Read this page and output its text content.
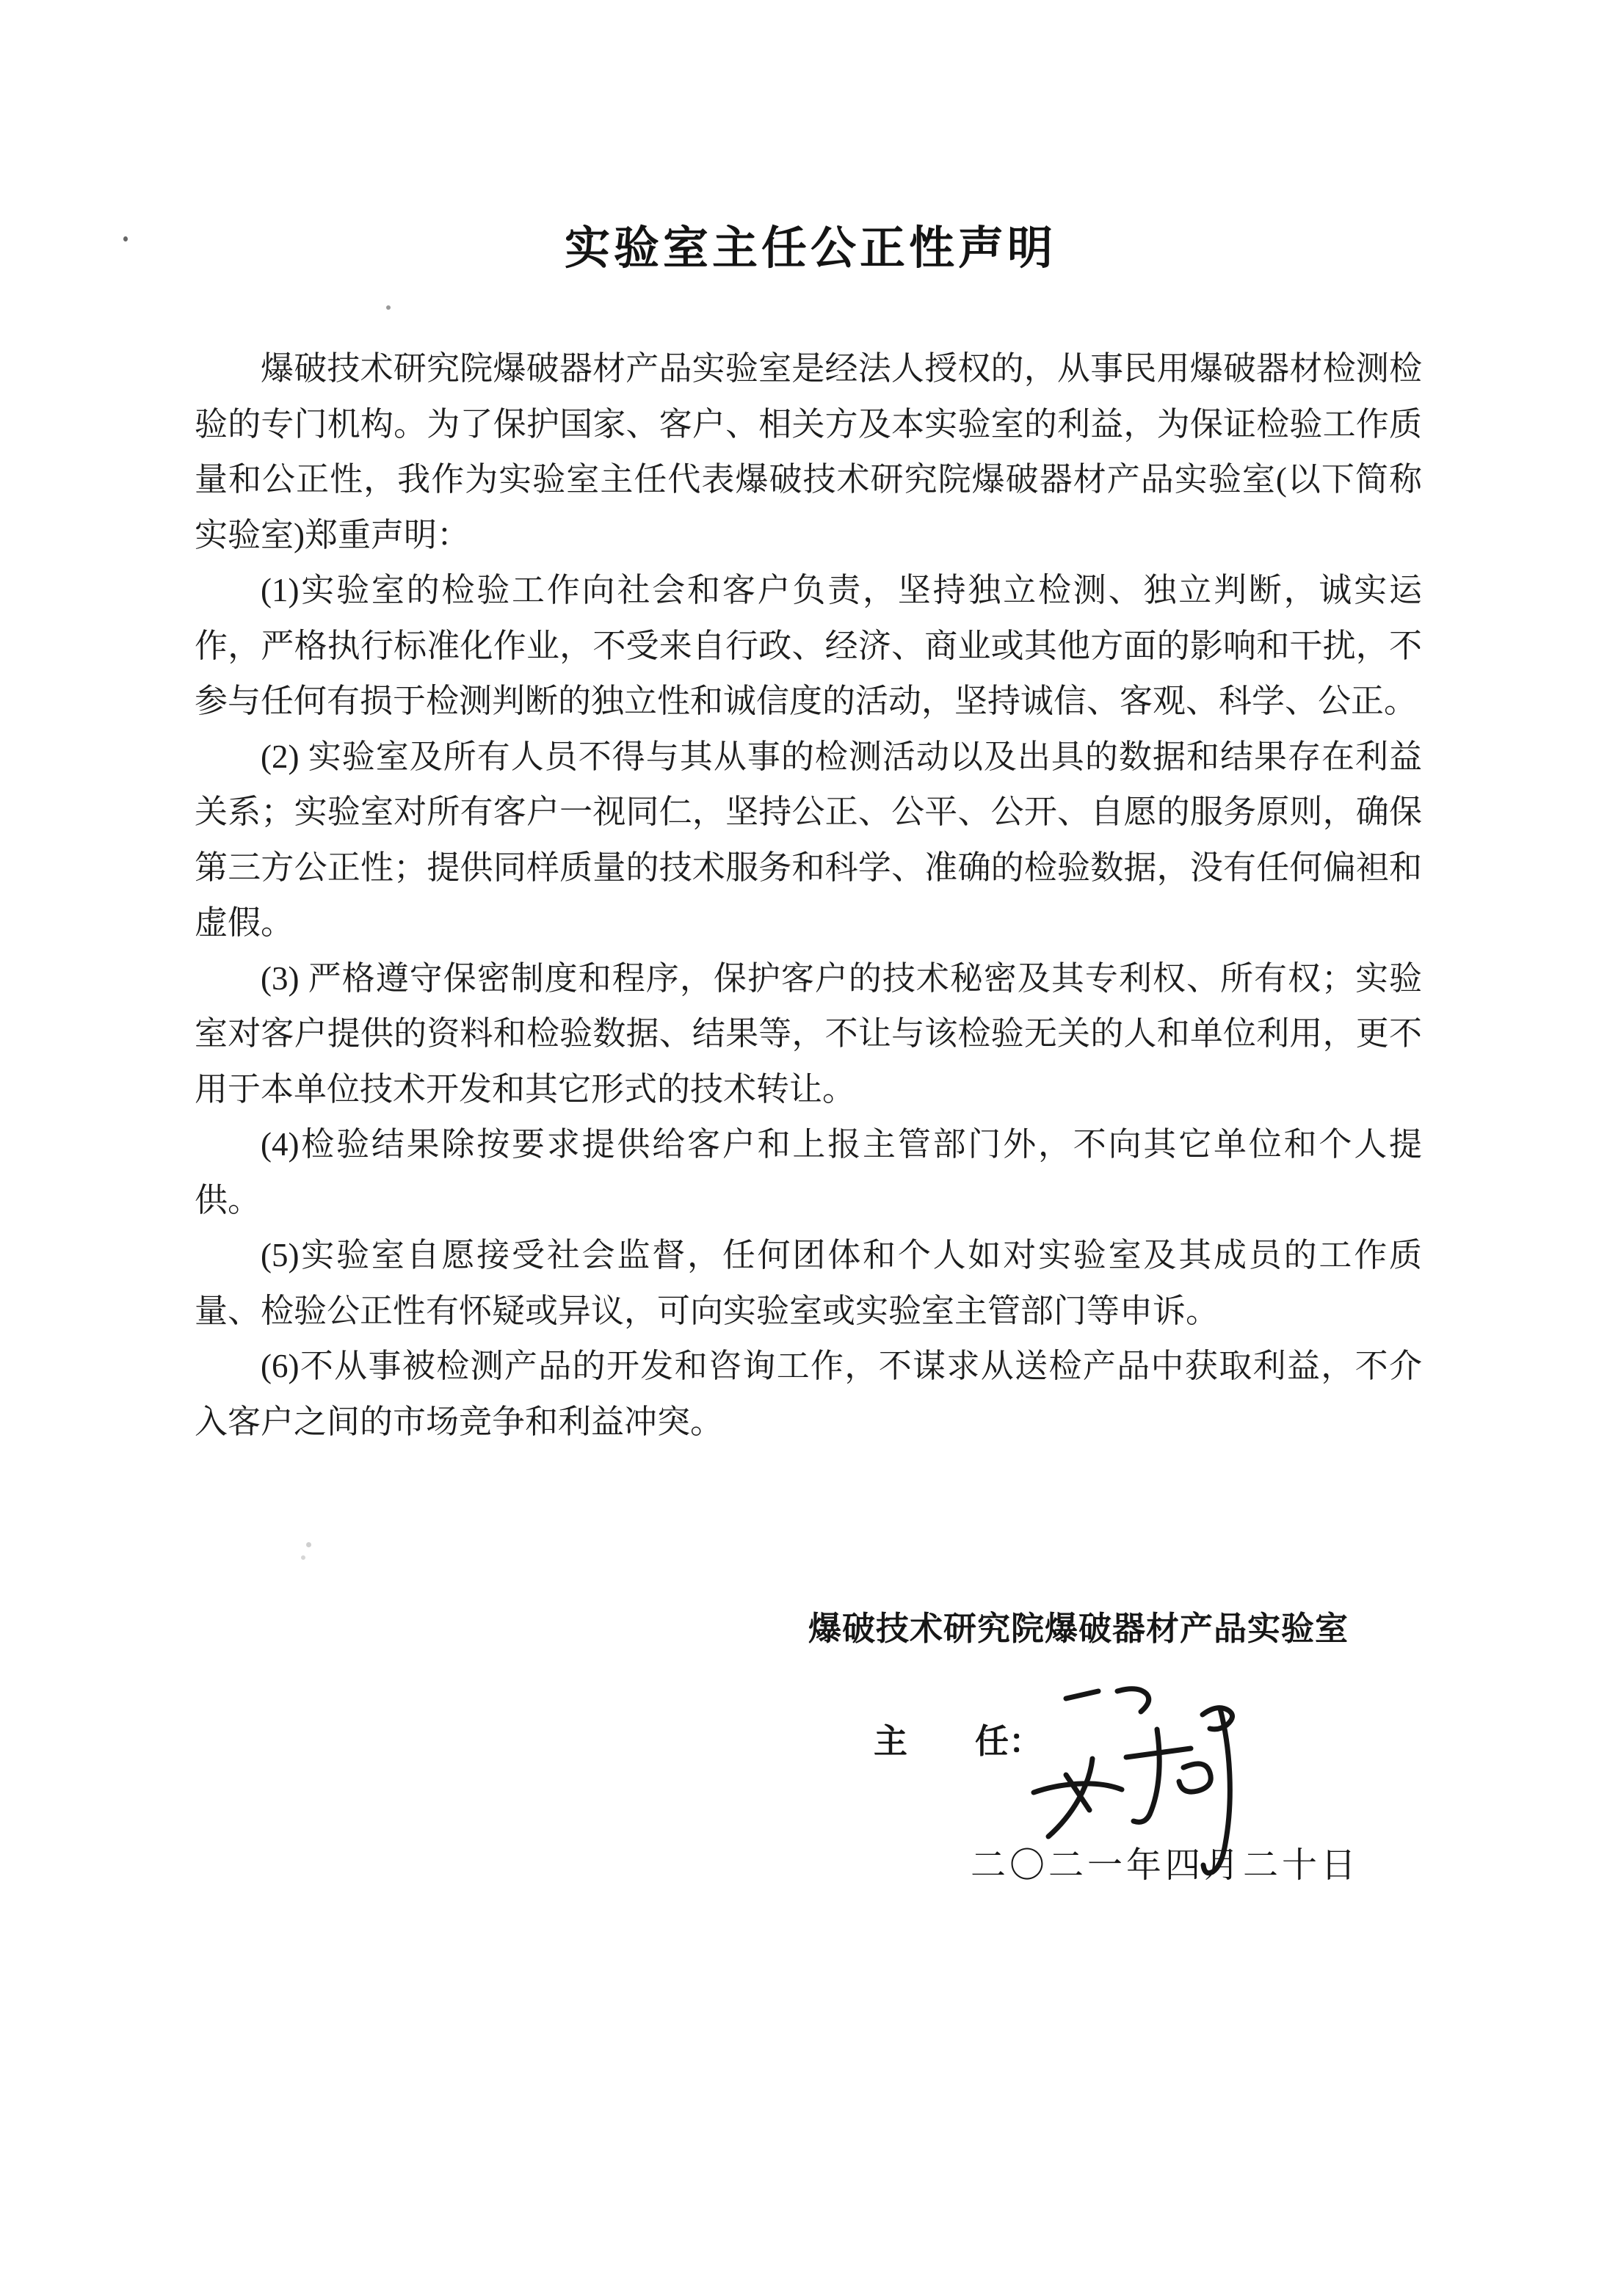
实验室主任公正性声明

爆破技术研究院爆破器材产品实验室是经法人授权的，从事民用爆破器材检测检验的专门机构。为了保护国家、客户、相关方及本实验室的利益，为保证检验工作质量和公正性，我作为实验室主任代表爆破技术研究院爆破器材产品实验室(以下简称实验室)郑重声明：

(1)实验室的检验工作向社会和客户负责，坚持独立检测、独立判断，诚实运作，严格执行标准化作业，不受来自行政、经济、商业或其他方面的影响和干扰，不参与任何有损于检测判断的独立性和诚信度的活动，坚持诚信、客观、科学、公正。

(2) 实验室及所有人员不得与其从事的检测活动以及出具的数据和结果存在利益关系；实验室对所有客户一视同仁，坚持公正、公平、公开、自愿的服务原则，确保第三方公正性；提供同样质量的技术服务和科学、准确的检验数据，没有任何偏袒和虚假。

(3) 严格遵守保密制度和程序，保护客户的技术秘密及其专利权、所有权；实验室对客户提供的资料和检验数据、结果等，不让与该检验无关的人和单位利用，更不用于本单位技术开发和其它形式的技术转让。

(4)检验结果除按要求提供给客户和上报主管部门外，不向其它单位和个人提供。

(5)实验室自愿接受社会监督，任何团体和个人如对实验室及其成员的工作质量、检验公正性有怀疑或异议，可向实验室或实验室主管部门等申诉。

(6)不从事被检测产品的开发和咨询工作，不谋求从送检产品中获取利益，不介入客户之间的市场竞争和利益冲突。

爆破技术研究院爆破器材产品实验室
主　　任：
二〇二一年四月二十日
